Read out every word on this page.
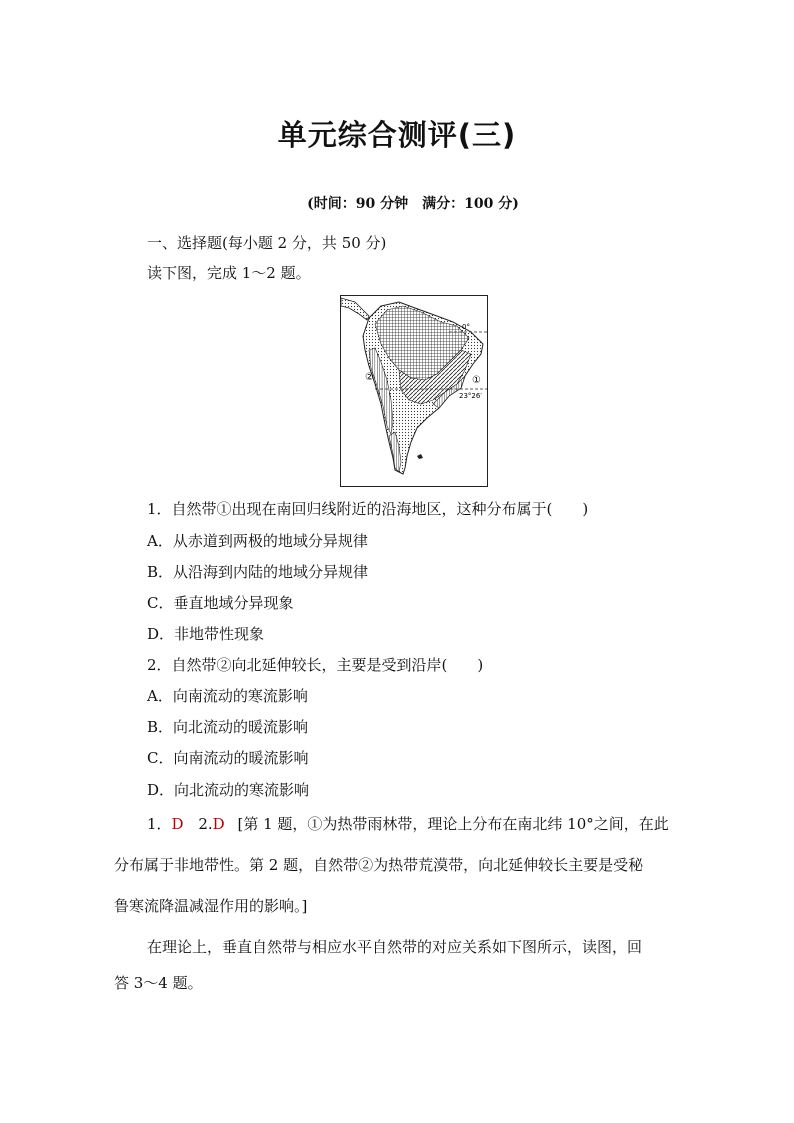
单元综合测评(三)
(时间：90 分钟　满分：100 分)
一、选择题(每小题 2 分，共 50 分)
读下图，完成 1～2 题。
0°
23°26′
①
②
1．自然带①出现在南回归线附近的沿海地区，这种分布属于(　　)
A．从赤道到两极的地域分异规律
B．从沿海到内陆的地域分异规律
C．垂直地域分异现象
D．非地带性现象
2．自然带②向北延伸较长，主要是受到沿岸(　　)
A．向南流动的寒流影响
B．向北流动的暖流影响
C．向南流动的暖流影响
D．向北流动的寒流影响
1．D 2.D [第 1 题，①为热带雨林带，理论上分布在南北纬 10°之间，在此
分布属于非地带性。第 2 题，自然带②为热带荒漠带，向北延伸较长主要是受秘
鲁寒流降温减湿作用的影响。]
在理论上，垂直自然带与相应水平自然带的对应关系如下图所示，读图，回
答 3～4 题。
